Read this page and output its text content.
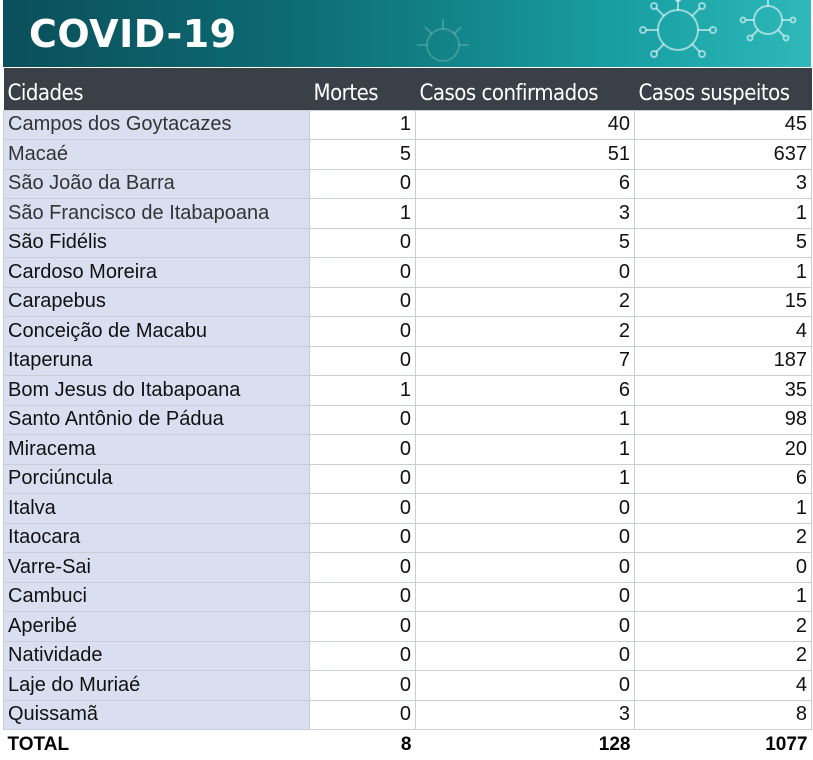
COVID-19
Cidades	Mortes	Casos confirmados	Casos suspeitos
Campos dos Goytacazes	1	40	45
Macaé	5	51	637
São João da Barra	0	6	3
São Francisco de Itabapoana	1	3	1
São Fidélis	0	5	5
Cardoso Moreira	0	0	1
Carapebus	0	2	15
Conceição de Macabu	0	2	4
Itaperuna	0	7	187
Bom Jesus do Itabapoana	1	6	35
Santo Antônio de Pádua	0	1	98
Miracema	0	1	20
Porciúncula	0	1	6
Italva	0	0	1
Itaocara	0	0	2
Varre-Sai	0	0	0
Cambuci	0	0	1
Aperibé	0	0	2
Natividade	0	0	2
Laje do Muriaé	0	0	4
Quissamã	0	3	8
TOTAL	8	128	1077
